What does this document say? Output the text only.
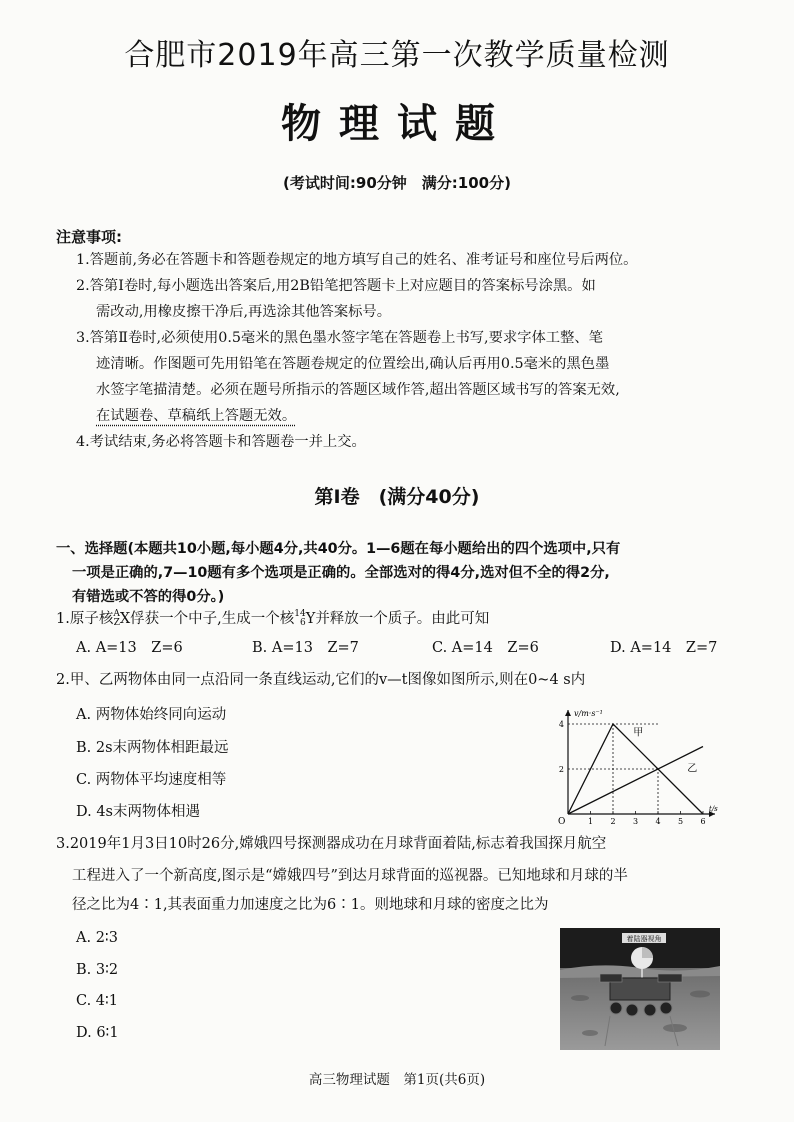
合肥市2019年高三第一次教学质量检测
物理试题
(考试时间:90分钟　满分:100分)
注意事项:
1.答题前,务必在答题卡和答题卷规定的地方填写自己的姓名、准考证号和座位号后两位。
2.答第Ⅰ卷时,每小题选出答案后,用2B铅笔把答题卡上对应题目的答案标号涂黑。如
需改动,用橡皮擦干净后,再选涂其他答案标号。
3.答第Ⅱ卷时,必须使用0.5毫米的黑色墨水签字笔在答题卷上书写,要求字体工整、笔
迹清晰。作图题可先用铅笔在答题卷规定的位置绘出,确认后再用0.5毫米的黑色墨
水签字笔描清楚。必须在题号所指示的答题区域作答,超出答题区域书写的答案无效,
在试题卷、草稿纸上答题无效。
4.考试结束,务必将答题卡和答题卷一并上交。
第Ⅰ卷　(满分40分)
一、选择题(本题共10小题,每小题4分,共40分。1—6题在每小题给出的四个选项中,只有
一项是正确的,7—10题有多个选项是正确的。全部选对的得4分,选对但不全的得2分,
有错选或不答的得0分。)
1.原子核A
ZX俘获一个中子,生成一个核14
6Y并释放一个质子。由此可知
A. A=13　Z=6	B. A=13　Z=7	C. A=14　Z=6	D. A=14　Z=7
2.甲、乙两物体由同一点沿同一条直线运动,它们的v—t图像如图所示,则在0~4 s内
A. 两物体始终同向运动
B. 2s末两物体相距最远
C. 两物体平均速度相等
D. 4s末两物体相遇
v/m·s⁻¹
t/s
O	1 2 3 4 5 6
2
4
甲
乙
3.2019年1月3日10时26分,嫦娥四号探测器成功在月球背面着陆,标志着我国探月航空
工程进入了一个新高度,图示是“嫦娥四号”到达月球背面的巡视器。已知地球和月球的半
径之比为4∶1,其表面重力加速度之比为6∶1。则地球和月球的密度之比为
A. 2∶3
B. 3∶2
C. 4∶1
D. 6∶1
着陆器视角
高三物理试题　第1页(共6页)
